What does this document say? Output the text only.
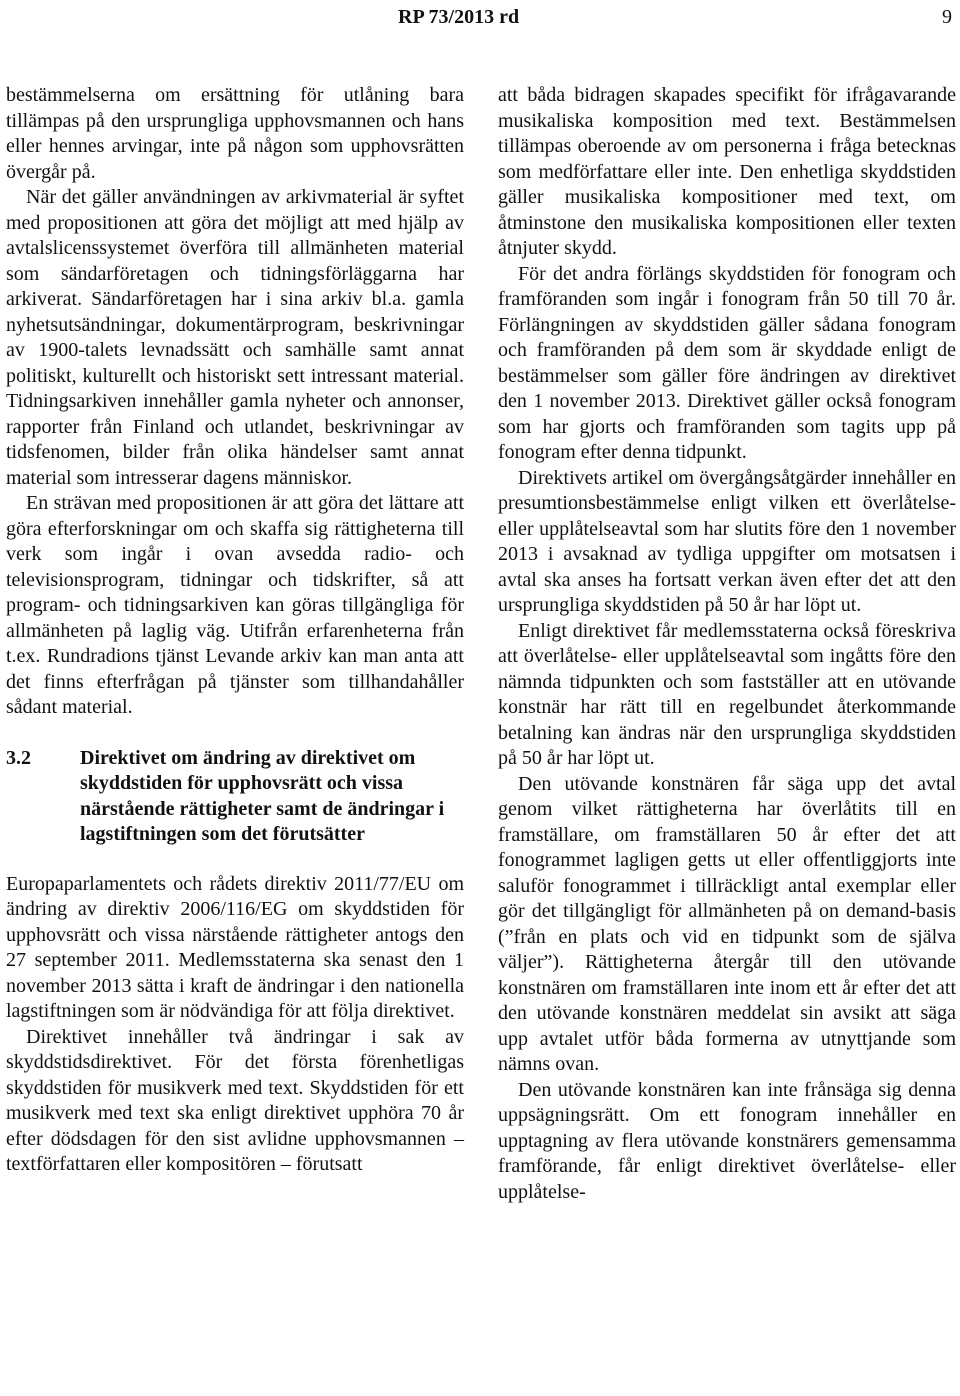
RP 73/2013 rd	9

bestämmelserna om ersättning för utlåning bara tillämpas på den ursprungliga upphovsmannen och hans eller hennes arvingar, inte på någon som upphovsrätten övergår på.

När det gäller användningen av arkivmaterial är syftet med propositionen att göra det möjligt att med hjälp av avtalslicenssystemet överföra till allmänheten material som sändarföretagen och tidningsförläggarna har arkiverat. Sändarföretagen har i sina arkiv bl.a. gamla nyhetsutsändningar, dokumentärprogram, beskrivningar av 1900-talets levnadssätt och samhälle samt annat politiskt, kulturellt och historiskt sett intressant material. Tidningsarkiven innehåller gamla nyheter och annonser, rapporter från Finland och utlandet, beskrivningar av tidsfenomen, bilder från olika händelser samt annat material som intresserar dagens människor.

En strävan med propositionen är att göra det lättare att göra efterforskningar om och skaffa sig rättigheterna till verk som ingår i ovan avsedda radio- och televisionsprogram, tidningar och tidskrifter, så att program- och tidningsarkiven kan göras tillgängliga för allmänheten på laglig väg. Utifrån erfarenheterna från t.ex. Rundradions tjänst Levande arkiv kan man anta att det finns efterfrågan på tjänster som tillhandahåller sådant material.

3.2	Direktivet om ändring av direktivet om skyddstiden för upphovsrätt och vissa närstående rättigheter samt de ändringar i lagstiftningen som det förutsätter

Europaparlamentets och rådets direktiv 2011/77/EU om ändring av direktiv 2006/116/EG om skyddstiden för upphovsrätt och vissa närstående rättigheter antogs den 27 september 2011. Medlemsstaterna ska senast den 1 november 2013 sätta i kraft de ändringar i den nationella lagstiftningen som är nödvändiga för att följa direktivet.

Direktivet innehåller två ändringar i sak av skyddstidsdirektivet. För det första förenhetligas skyddstiden för musikverk med text. Skyddstiden för ett musikverk med text ska enligt direktivet upphöra 70 år efter dödsdagen för den sist avlidne upphovsmannen – textförfattaren eller kompositören – förutsatt

att båda bidragen skapades specifikt för ifrågavarande musikaliska komposition med text. Bestämmelsen tillämpas oberoende av om personerna i fråga betecknas som medförfattare eller inte. Den enhetliga skyddstiden gäller musikaliska kompositioner med text, om åtminstone den musikaliska kompositionen eller texten åtnjuter skydd.

För det andra förlängs skyddstiden för fonogram och framföranden som ingår i fonogram från 50 till 70 år. Förlängningen av skyddstiden gäller sådana fonogram och framföranden på dem som är skyddade enligt de bestämmelser som gäller före ändringen av direktivet den 1 november 2013. Direktivet gäller också fonogram som har gjorts och framföranden som tagits upp på fonogram efter denna tidpunkt.

Direktivets artikel om övergångsåtgärder innehåller en presumtionsbestämmelse enligt vilken ett överlåtelse- eller upplåtelseavtal som har slutits före den 1 november 2013 i avsaknad av tydliga uppgifter om motsatsen i avtal ska anses ha fortsatt verkan även efter det att den ursprungliga skyddstiden på 50 år har löpt ut.

Enligt direktivet får medlemsstaterna också föreskriva att överlåtelse- eller upplåtelseavtal som ingåtts före den nämnda tidpunkten och som fastställer att en utövande konstnär har rätt till en regelbundet återkommande betalning kan ändras när den ursprungliga skyddstiden på 50 år har löpt ut.

Den utövande konstnären får säga upp det avtal genom vilket rättigheterna har överlåtits till en framställare, om framställaren 50 år efter det att fonogrammet lagligen getts ut eller offentliggjorts inte saluför fonogrammet i tillräckligt antal exemplar eller gör det tillgängligt för allmänheten på on demand-basis (”från en plats och vid en tidpunkt som de själva väljer”). Rättigheterna återgår till den utövande konstnären om framställaren inte inom ett år efter det att den utövande konstnären meddelat sin avsikt att säga upp avtalet utför båda formerna av utnyttjande som nämns ovan.

Den utövande konstnären kan inte frånsäga sig denna uppsägningsrätt. Om ett fonogram innehåller en upptagning av flera utövande konstnärers gemensamma framförande, får enligt direktivet överlåtelse- eller upplåtelse-
